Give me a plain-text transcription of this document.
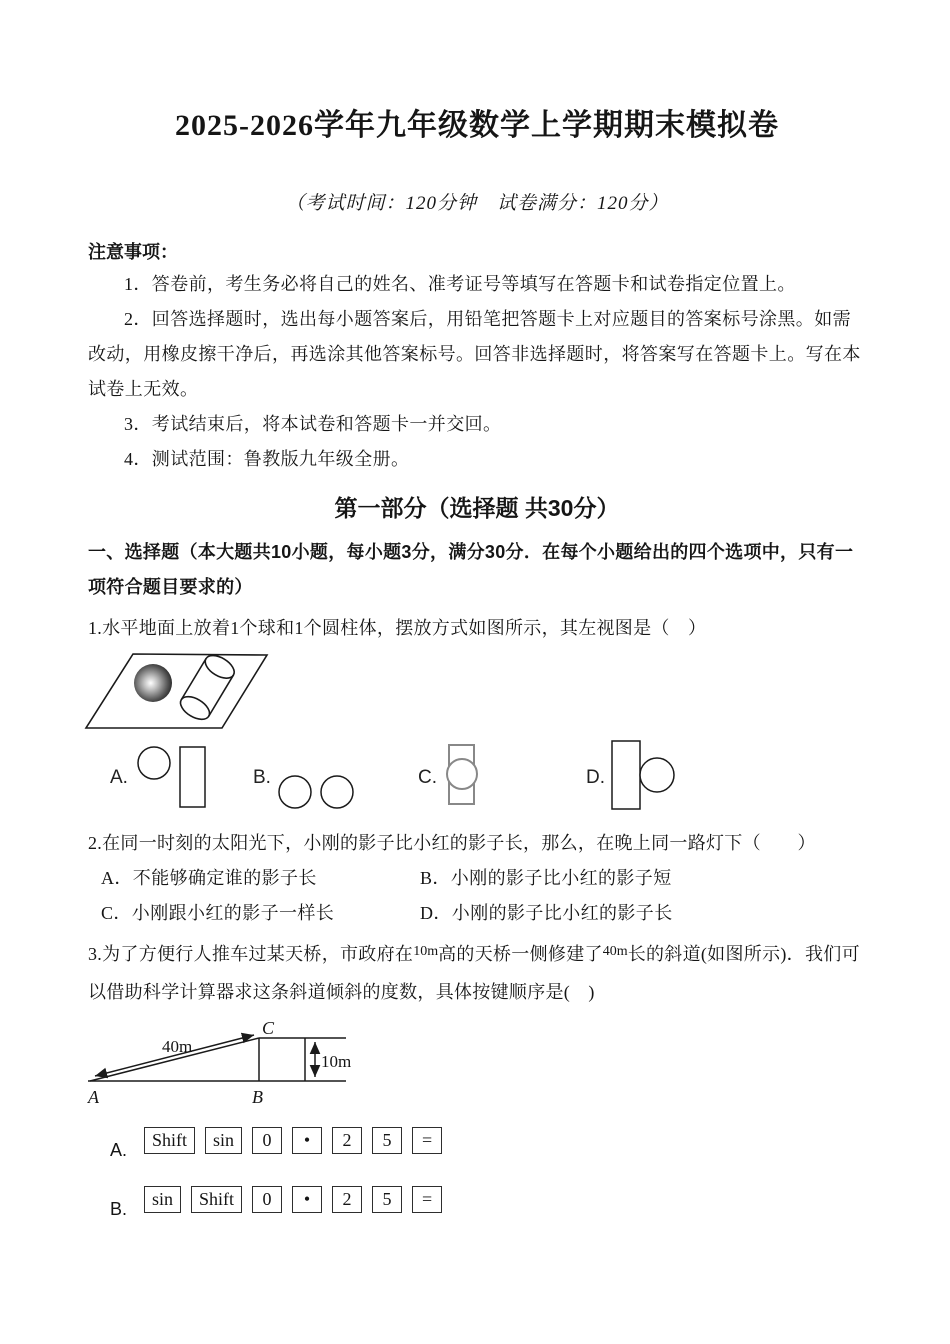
2025-2026学年九年级数学上学期期末模拟卷
（考试时间：120分钟　试卷满分：120分）
注意事项：

1．答卷前，考生务必将自己的姓名、准考证号等填写在答题卡和试卷指定位置上。

2．回答选择题时，选出每小题答案后，用铅笔把答题卡上对应题目的答案标号涂黑。如需改动，用橡皮擦干净后，再选涂其他答案标号。回答非选择题时，将答案写在答题卡上。写在本试卷上无效。

3．考试结束后，将本试卷和答题卡一并交回。

4．测试范围：鲁教版九年级全册。

第一部分（选择题 共30分）

一、选择题（本大题共10小题，每小题3分，满分30分．在每个小题给出的四个选项中，只有一项符合题目要求的）

1.水平地面上放着1个球和1个圆柱体，摆放方式如图所示，其左视图是（　）

A.	B.	C.	D.

2.在同一时刻的太阳光下，小刚的影子比小红的影子长，那么，在晚上同一路灯下（　　）

A．不能够确定谁的影子长	B．小刚的影子比小红的影子短
C．小刚跟小红的影子一样长	D．小刚的影子比小红的影子长

3.为了方便行人推车过某天桥，市政府在$^{10m}$高的天桥一侧修建了$^{40m}$长的斜道(如图所示)．我们可以借助科学计算器求这条斜道倾斜的度数，具体按键顺序是(　)

40m
10m
A	B
C
A.	Shift	sin	0	•	2	5	=
B.	sin	Shift	0	•	2	5	=
